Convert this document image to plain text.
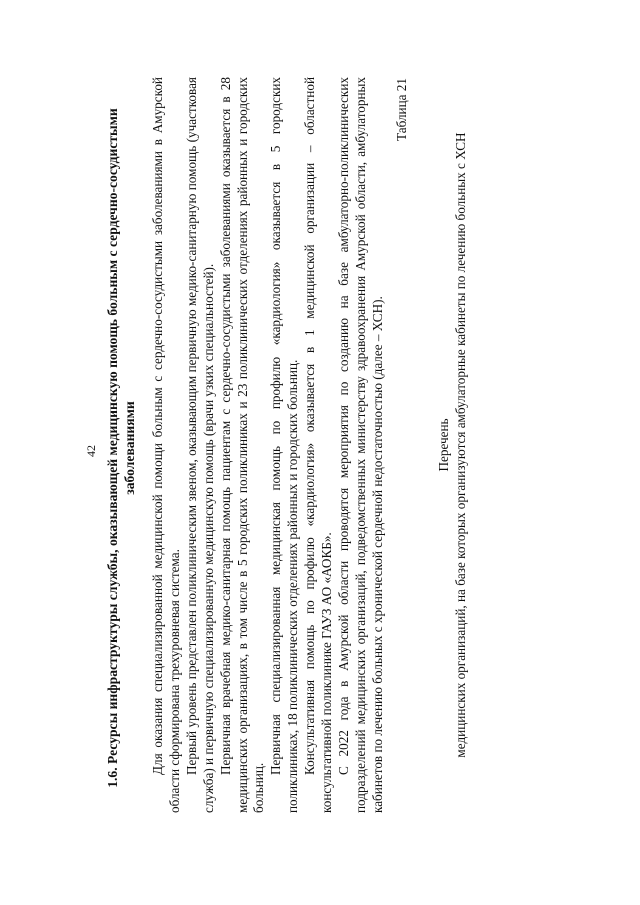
42 1.6. Ресурсы инфраструктуры службы, оказывающей медицинскую помощь больным с сердечно-сосудистыми заболеваниями Для оказания специализированной медицинской помощи больным с сердечно-сосудистыми заболеваниями в Амурской области сформирована трехуровневая система. Первый уровень представлен поликлиническим звеном, оказывающим первичную медико-санитарную помощь (участковая служба) и первичную специализированную медицинскую помощь (врачи узких специальностей). Первичная врачебная медико-санитарная помощь пациентам с сердечно-сосудистыми заболеваниями оказывается в 28 медицинских организациях, в том числе в 5 городских поликлиниках и 23 поликлинических отделениях районных и городских больниц.

Первичная специализированная медицинская помощь по профилю «кардиология» оказывается в 5 городских поликлиниках, 18 поликлинических отделениях районных и городских больниц. Консультативная помощь по профилю «кардиология» оказывается в 1 медицинской организации – областной консультативной поликлинике ГАУЗ АО «АОКБ». С 2022 года в Амурской области проводятся мероприятия по созданию на базе амбулаторно-поликлинических подразделений медицинских организаций, подведомственных министерству здравоохранения Амурской области, амбулаторных кабинетов по лечению больных с хронической сердечной недостаточностью (далее – ХСН).

Таблица 21
Перечень медицинских организаций, на базе которых организуются амбулаторные кабинеты по лечению больных с ХСН
